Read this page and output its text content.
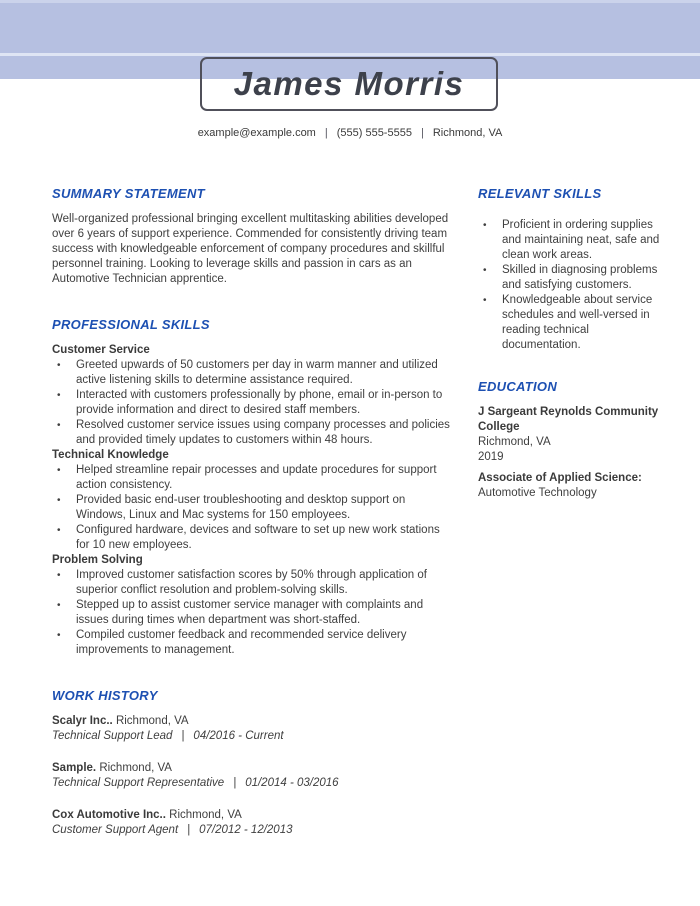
James Morris
example@example.com | (555) 555-5555 | Richmond, VA
SUMMARY STATEMENT

Well-organized professional bringing excellent multitasking abilities developed over 6 years of support experience. Commended for consistently driving team success with knowledgeable enforcement of company procedures and skillful personnel training. Looking to leverage skills and passion in cars as an Automotive Technician apprentice.

PROFESSIONAL SKILLS
Customer Service
•	Greeted upwards of 50 customers per day in warm manner and utilized active listening skills to determine assistance required.
•	Interacted with customers professionally by phone, email or in-person to provide information and direct to desired staff members.
•	Resolved customer service issues using company processes and policies and provided timely updates to customers within 48 hours.
Technical Knowledge
•	Helped streamline repair processes and update procedures for support action consistency.
•	Provided basic end-user troubleshooting and desktop support on Windows, Linux and Mac systems for 150 employees.
•	Configured hardware, devices and software to set up new work stations for 10 new employees.
Problem Solving
•	Improved customer satisfaction scores by 50% through application of superior conflict resolution and problem-solving skills.
•	Stepped up to assist customer service manager with complaints and issues during times when department was short-staffed.
•	Compiled customer feedback and recommended service delivery improvements to management.
WORK HISTORY

Scalyr Inc.. Richmond, VA

Technical Support Lead | 04/2016 - Current

Sample. Richmond, VA

Technical Support Representative | 01/2014 - 03/2016

Cox Automotive Inc.. Richmond, VA

Customer Support Agent | 07/2012 - 12/2013

RELEVANT SKILLS
•	Proficient in ordering supplies and maintaining neat, safe and clean work areas.
•	Skilled in diagnosing problems and satisfying customers.
•	Knowledgeable about service schedules and well-versed in reading technical documentation.
EDUCATION

J Sargeant Reynolds Community College

Richmond, VA

2019

Associate of Applied Science:

Automotive Technology
